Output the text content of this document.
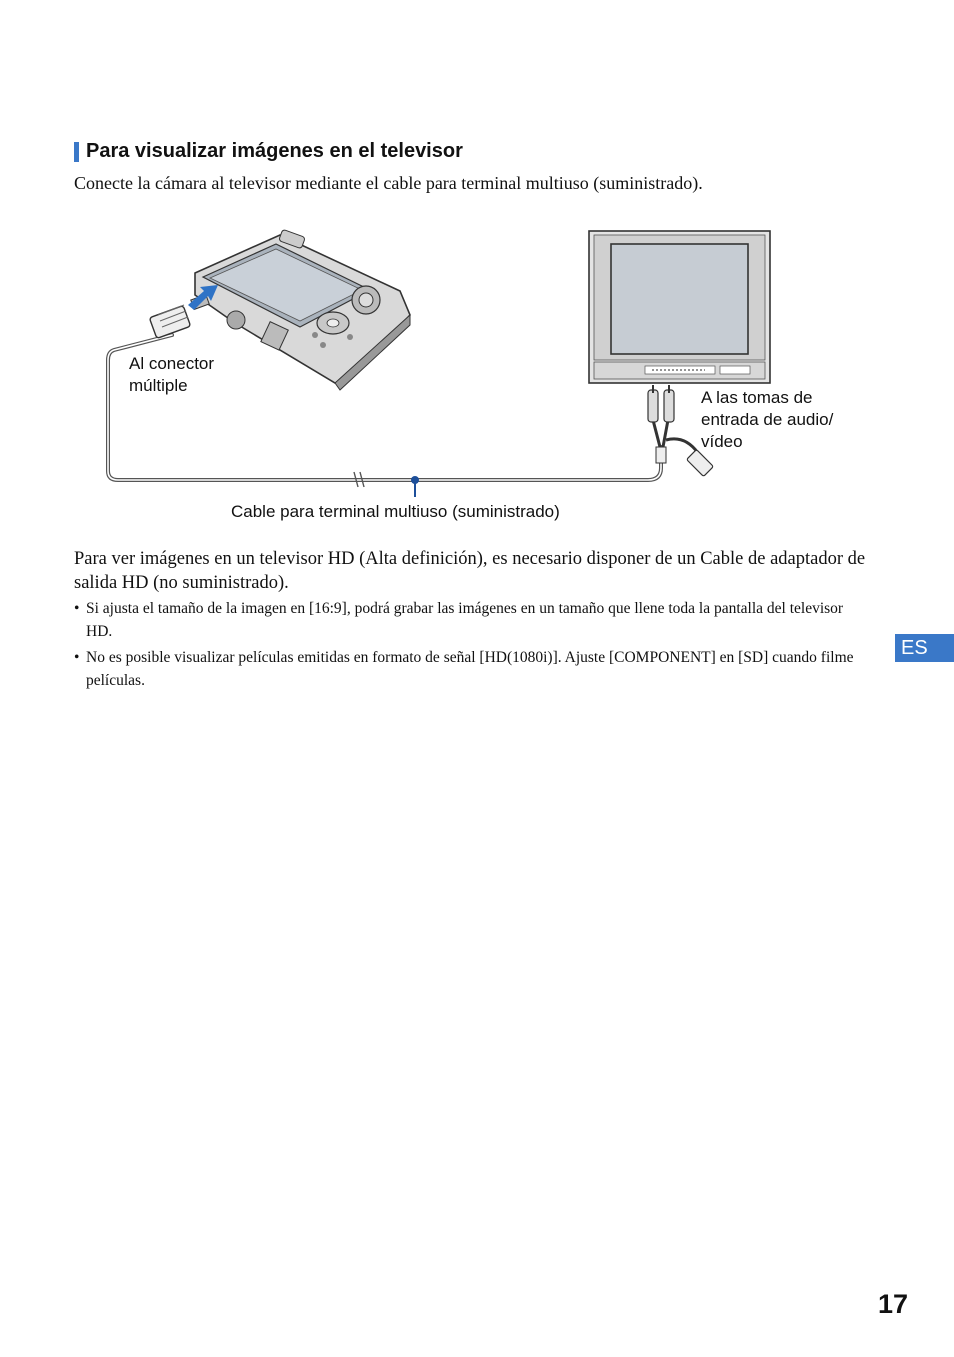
Para visualizar imágenes en el televisor
Conecte la cámara al televisor mediante el cable para terminal multiuso (suministrado).
Al conector múltiple
A las tomas de entrada de audio/ vídeo
Cable para terminal multiuso (suministrado)
Para ver imágenes en un televisor HD (Alta definición), es necesario disponer de un Cable de adaptador de salida HD (no suministrado).
• Si ajusta el tamaño de la imagen en [16:9], podrá grabar las imágenes en un tamaño que llene toda la pantalla del televisor HD.
• No es posible visualizar películas emitidas en formato de señal [HD(1080i)]. Ajuste [COMPONENT] en [SD] cuando filme películas.
ES
17
